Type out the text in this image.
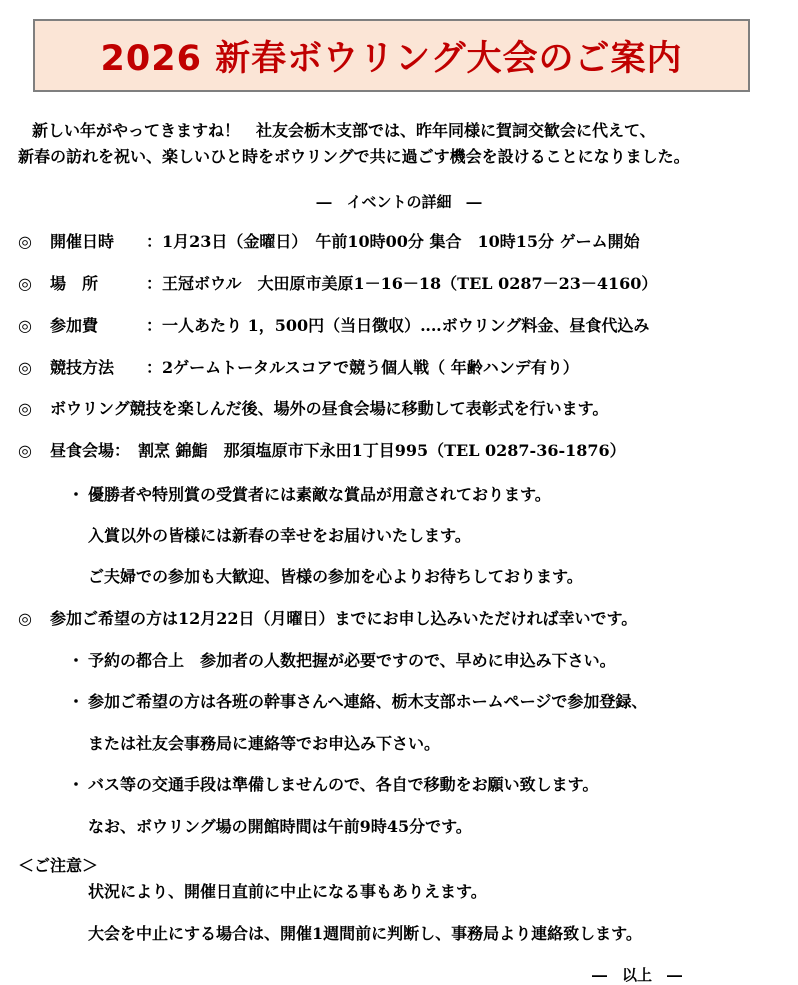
2026 新春ボウリング大会のご案内
新しい年がやってきますね！　社友会栃木支部では、昨年同様に賀詞交歓会に代えて、
新春の訪れを祝い、楽しいひと時をボウリングで共に過ごす機会を設けることになりました。
―　イベントの詳細　―
◎ 開催日時 ：1月23日（金曜日）　午前10時00分 集合　10時15分 ゲーム開始
◎ 場　所	：王冠ボウル　大田原市美原1－16－18（TEL 0287－23－4160）
◎ 参加費	：一人あたり 1，500円（当日徴収）‥‥ボウリング料金、昼食代込み
◎ 競技方法 ：2ゲームトータルスコアで競う個人戦（ 年齢ハンデ有り）
◎ ボウリング競技を楽しんだ後、場外の昼食会場に移動して表彰式を行います。
◎ 昼食会場：　割烹 錦鮨　那須塩原市下永田1丁目995（TEL 0287-36-1876）
・ 優勝者や特別賞の受賞者には素敵な賞品が用意されております。
入賞以外の皆様には新春の幸せをお届けいたします。
ご夫婦での参加も大歓迎、皆様の参加を心よりお待ちしております。
◎ 参加ご希望の方は12月22日（月曜日）までにお申し込みいただければ幸いです。
・ 予約の都合上　参加者の人数把握が必要ですので、早めに申込み下さい。
・ 参加ご希望の方は各班の幹事さんへ連絡、栃木支部ホームページで参加登録、
または社友会事務局に連絡等でお申込み下さい。
・ バス等の交通手段は準備しませんので、各自で移動をお願い致します。
なお、ボウリング場の開館時間は午前9時45分です。
＜ご注意＞
状況により、開催日直前に中止になる事もありえます。
大会を中止にする場合は、開催1週間前に判断し、事務局より連絡致します。
―　以上　―
